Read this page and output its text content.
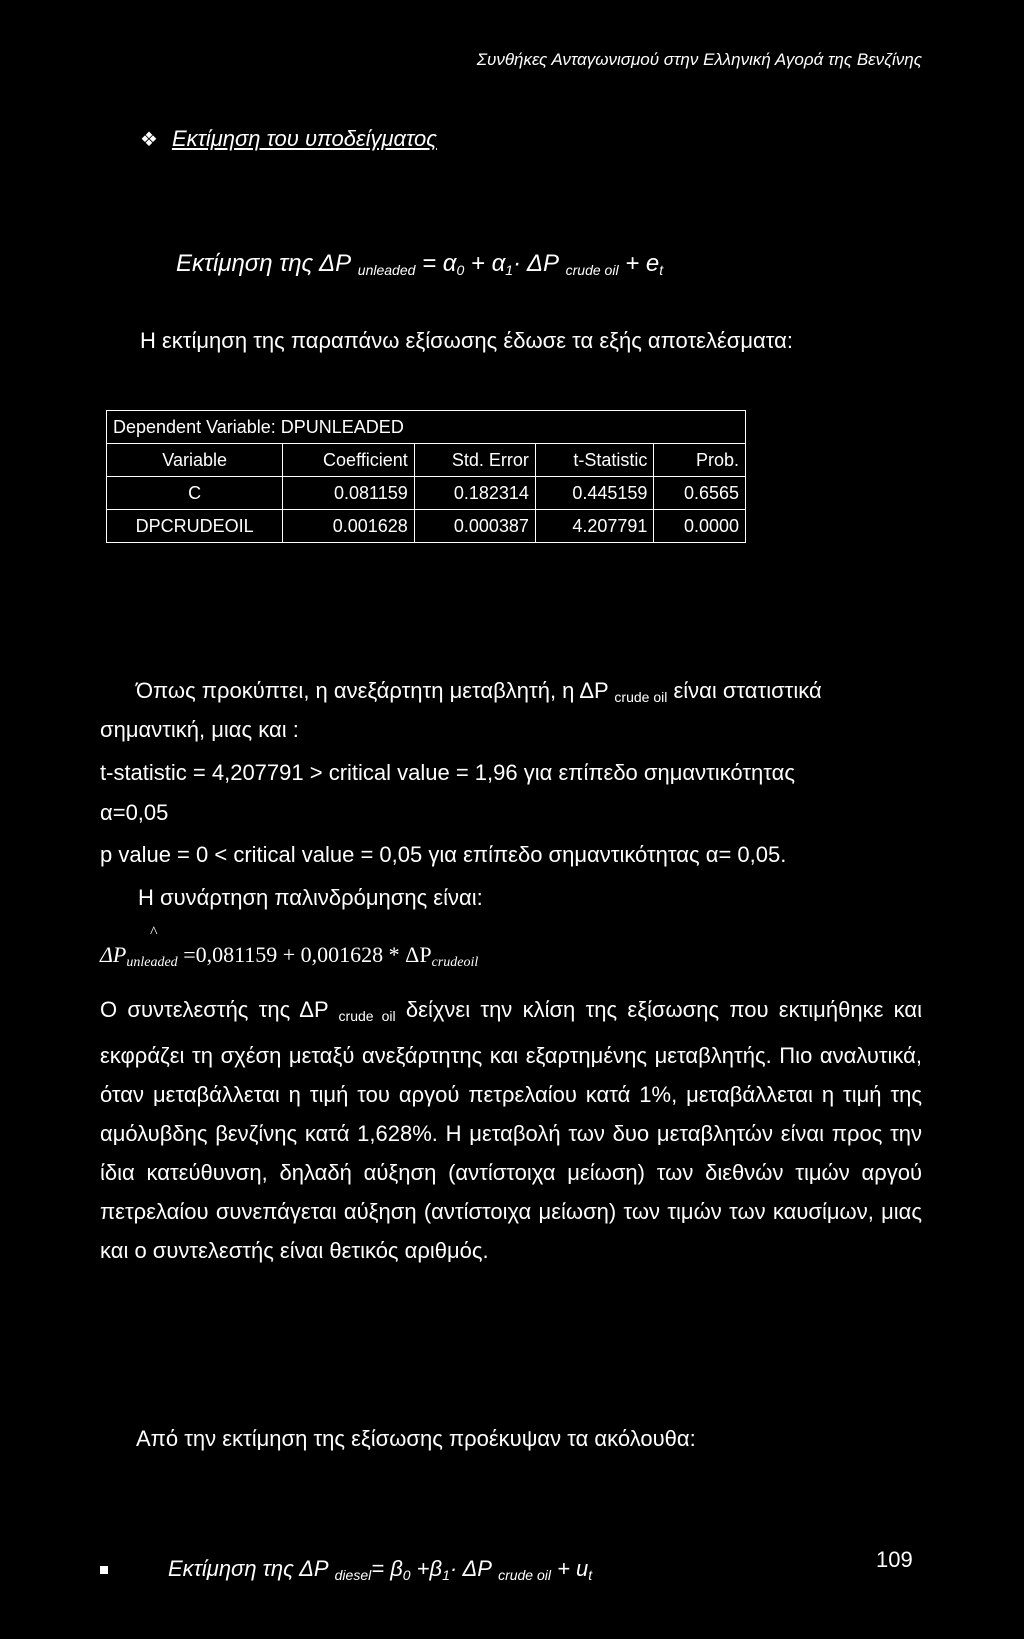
Συνθήκες Ανταγωνισμού στην Ελληνική Αγορά της Βενζίνης
❖ Εκτίμηση του υποδείγματος
Εκτίμηση της ΔΡ $_{unleaded} = \alpha_0 + \alpha_1\cdot \Delta P$ $_{crude oil} + e_t$
Η εκτίμηση της παραπάνω εξίσωσης έδωσε τα εξής αποτελέσματα:
Dependent Variable: DPUNLEADED				
Variable	Coefficient	Std. Error	t-Statistic	Prob.
C	0.081159	0.182314	0.445159	0.6565
DPCRUDEOIL	0.001628	0.000387	4.207791	0.0000
Όπως προκύπτει, η ανεξάρτητη μεταβλητή, η ΔΡ $_{crude oil}$ είναι στατιστικά
σημαντική, μιας και :
t-statistic = 4,207791 > critical value = 1,96 για επίπεδο σημαντικότητας
α=0,05
p value = 0 < critical value = 0,05 για επίπεδο σημαντικότητας α= 0,05.
Η συνάρτηση παλινδρόμησης είναι:
^
$\Delta P_{unleaded} =0,081159 + 0,001628 * \Delta P_{crudeoil}$
Ο συντελεστής της ΔΡ $_{crude oil}$ δείχνει την κλίση της εξίσωσης που εκτιμήθηκε και εκφράζει τη σχέση μεταξύ ανεξάρτητης και εξαρτημένης μεταβλητής. Πιο αναλυτικά, όταν μεταβάλλεται η τιμή του αργού πετρελαίου κατά 1%, μεταβάλλεται η τιμή της αμόλυβδης βενζίνης κατά 1,628%. Η μεταβολή των δυο μεταβλητών είναι προς την ίδια κατεύθυνση, δηλαδή αύξηση (αντίστοιχα μείωση) των διεθνών τιμών αργού πετρελαίου συνεπάγεται αύξηση (αντίστοιχα μείωση) των τιμών των καυσίμων, μιας και ο συντελεστής είναι θετικός αριθμός.
Εκτίμηση της ΔΡ $_{diesel}= \beta_0 +\beta_1\cdot \Delta P$ $_{crude oil} + u_t$
Από την εκτίμηση της εξίσωσης προέκυψαν τα ακόλουθα:
109
